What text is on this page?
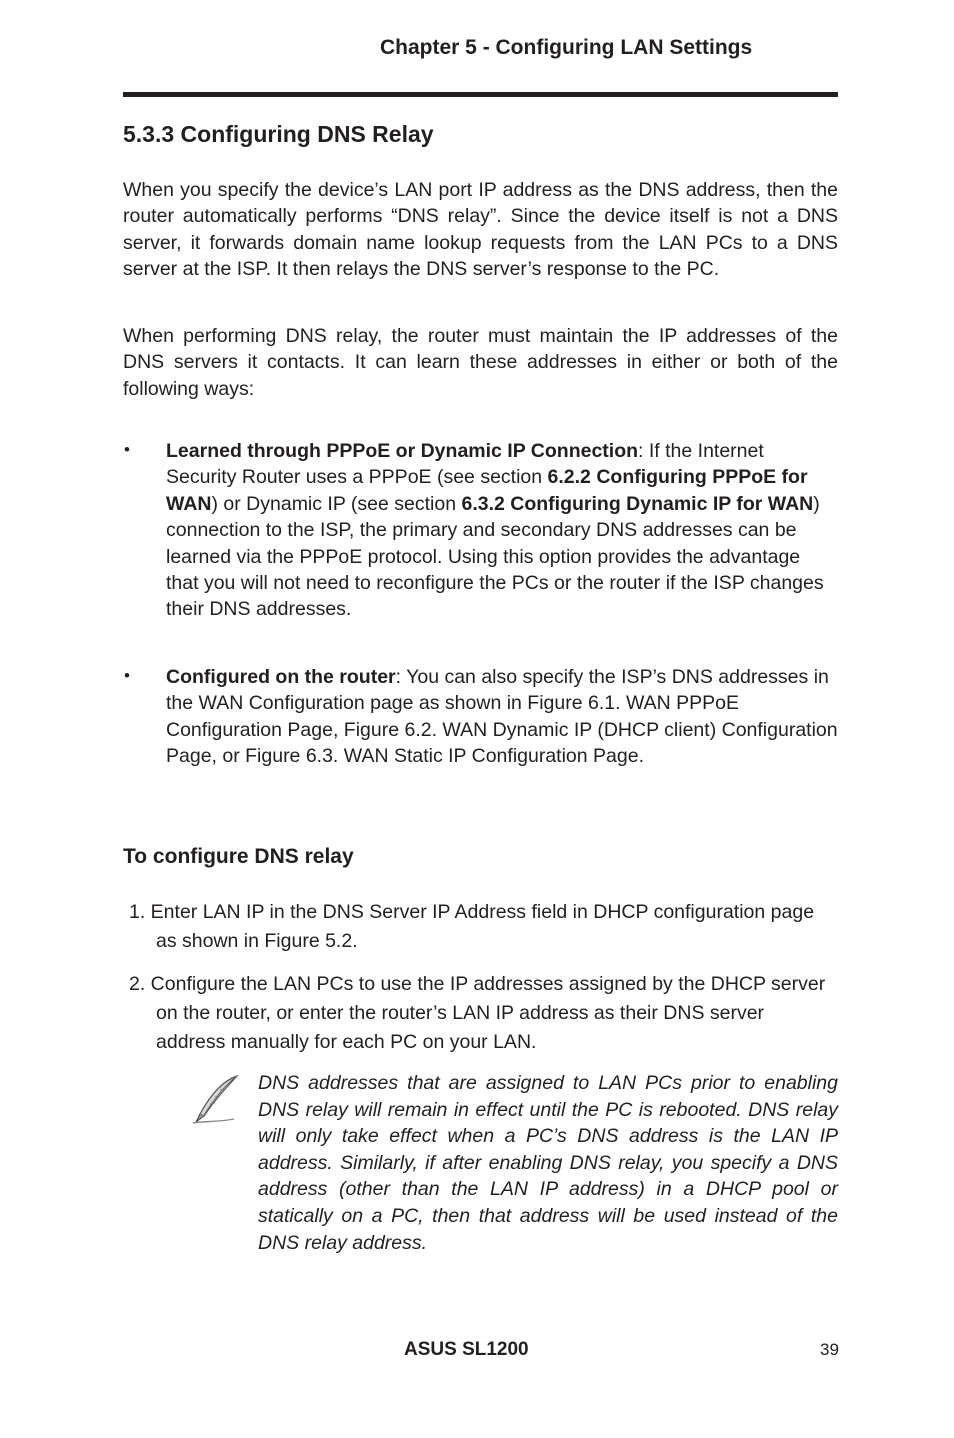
Chapter 5 - Configuring LAN Settings
5.3.3 Configuring DNS Relay
When you specify the device’s LAN port IP address as the DNS address, then the router automatically performs “DNS relay”. Since the device itself is not a DNS server, it forwards domain name lookup requests from the LAN PCs to a DNS server at the ISP. It then relays the DNS server’s response to the PC.
When performing DNS relay, the router must maintain the IP addresses of the DNS servers it contacts. It can learn these addresses in either or both of the following ways:
• Learned through PPPoE or Dynamic IP Connection: If the Internet Security Router uses a PPPoE (see section 6.2.2 Configuring PPPoE for WAN) or Dynamic IP (see section 6.3.2 Configuring Dynamic IP for WAN) connection to the ISP, the primary and secondary DNS addresses can be learned via the PPPoE protocol. Using this option provides the advantage that you will not need to reconfigure the PCs or the router if the ISP changes their DNS addresses.
• Configured on the router: You can also specify the ISP’s DNS addresses in the WAN Configuration page as shown in Figure 6.1. WAN PPPoE Configuration Page, Figure 6.2. WAN Dynamic IP (DHCP client) Configuration Page, or Figure 6.3. WAN Static IP Configuration Page.
To configure DNS relay
1. Enter LAN IP in the DNS Server IP Address field in DHCP configuration page as shown in Figure 5.2.
2. Configure the LAN PCs to use the IP addresses assigned by the DHCP server on the router, or enter the router’s LAN IP address as their DNS server address manually for each PC on your LAN.
DNS addresses that are assigned to LAN PCs prior to enabling DNS relay will remain in effect until the PC is rebooted. DNS relay will only take effect when a PC’s DNS address is the LAN IP address. Similarly, if after enabling DNS relay, you specify a DNS address (other than the LAN IP address) in a DHCP pool or statically on a PC, then that address will be used instead of the DNS relay address.
ASUS SL1200	39
